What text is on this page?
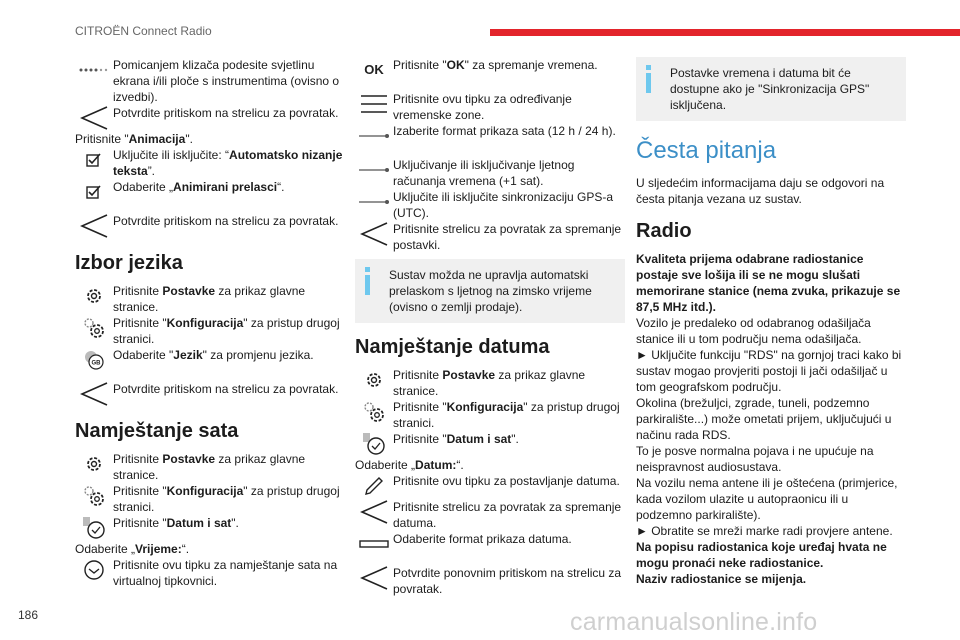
CITROËN Connect Radio
Pomicanjem klizača podesite svjetlinu ekrana i/ili ploče s instrumentima (ovisno o izvedbi).
Potvrdite pritiskom na strelicu za povratak.

Pritisnite "Animacija".

Uključite ili isključite: “Automatsko nizanje teksta”.
Odaberite „Animirani prelasci“.
Potvrdite pritiskom na strelicu za povratak.
Izbor jezika
Pritisnite Postavke za prikaz glavne stranice.
Pritisnite "Konfiguracija" za pristup drugoj stranici.
GB
Odaberite "Jezik" za promjenu jezika.
Potvrdite pritiskom na strelicu za povratak.
Namještanje sata
Pritisnite Postavke za prikaz glavne stranice.
Pritisnite "Konfiguracija" za pristup drugoj stranici.
Pritisnite "Datum i sat".

Odaberite „Vrijeme:“.

Pritisnite ovu tipku za namještanje sata na virtualnoj tipkovnici.
OK Pritisnite "OK" za spremanje vremena.
Pritisnite ovu tipku za određivanje vremenske zone.
Izaberite format prikaza sata (12 h / 24 h).
Uključivanje ili isključivanje ljetnog računanja vremena (+1 sat).
Uključite ili isključite sinkronizaciju GPS-a (UTC).
Pritisnite strelicu za povratak za spremanje postavki.
Sustav možda ne upravlja automatski prelaskom s ljetnog na zimsko vrijeme (ovisno o zemlji prodaje).
Namještanje datuma
Pritisnite Postavke za prikaz glavne stranice.
Pritisnite "Konfiguracija" za pristup drugoj stranici.
Pritisnite "Datum i sat".

Odaberite „Datum:“.

Pritisnite ovu tipku za postavljanje datuma.
Pritisnite strelicu za povratak za spremanje datuma.
Odaberite format prikaza datuma.
Potvrdite ponovnim pritiskom na strelicu za povratak.
Postavke vremena i datuma bit će dostupne ako je "Sinkronizacija GPS" isključena.
Česta pitanja

U sljedećim informacijama daju se odgovori na česta pitanja vezana uz sustav.

Radio

Kvaliteta prijema odabrane radiostanice postaje sve lošija ili se ne mogu slušati memorirane stanice (nema zvuka, prikazuje se 87,5 MHz itd.).

Vozilo je predaleko od odabranog odašiljača stanice ili u tom području nema odašiljača.

► Uključite funkciju "RDS" na gornjoj traci kako bi sustav mogao provjeriti postoji li jači odašiljač u tom geografskom području.

Okolina (brežuljci, zgrade, tuneli, podzemno parkiralište...) može ometati prijem, uključujući u načinu rada RDS.

To je posve normalna pojava i ne upućuje na neispravnost audiosustava.

Na vozilu nema antene ili je oštećena (primjerice, kada vozilom ulazite u autopraonicu ili u podzemno parkiralište).

► Obratite se mreži marke radi provjere antene.

Na popisu radiostanica koje uređaj hvata ne mogu pronaći neke radiostanice.

Naziv radiostanice se mijenja.

186	carmanualsonline.info
